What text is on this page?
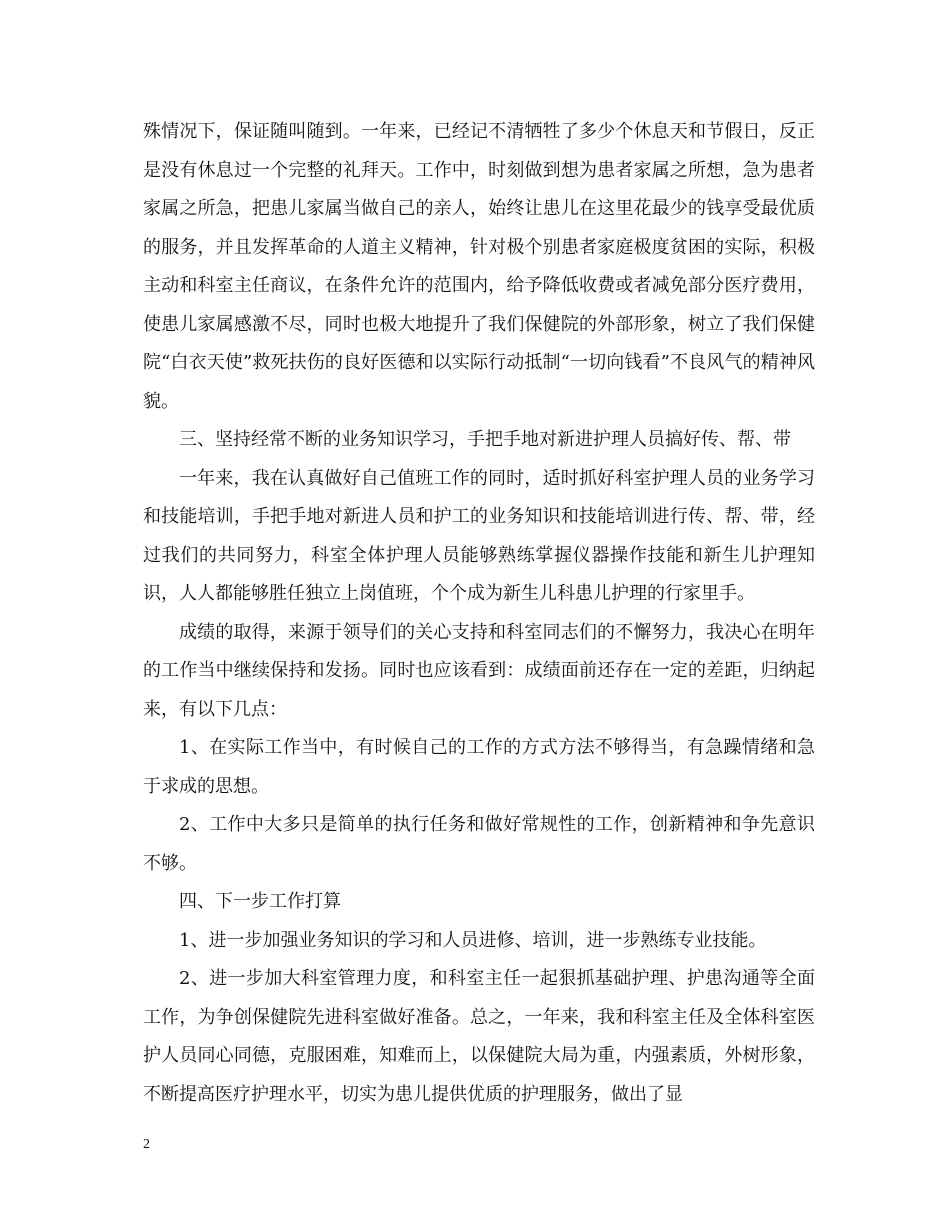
殊情况下，保证随叫随到。一年来，已经记不清牺牲了多少个休息天和节假日，反正是没有休息过一个完整的礼拜天。工作中，时刻做到想为患者家属之所想，急为患者家属之所急，把患儿家属当做自己的亲人，始终让患儿在这里花最少的钱享受最优质的服务，并且发挥革命的人道主义精神，针对极个别患者家庭极度贫困的实际，积极主动和科室主任商议，在条件允许的范围内，给予降低收费或者减免部分医疗费用，使患儿家属感激不尽，同时也极大地提升了我们保健院的外部形象，树立了我们保健院“白衣天使”救死扶伤的良好医德和以实际行动抵制“一切向钱看”不良风气的精神风貌。

三、坚持经常不断的业务知识学习，手把手地对新进护理人员搞好传、帮、带

一年来，我在认真做好自己值班工作的同时，适时抓好科室护理人员的业务学习和技能培训，手把手地对新进人员和护工的业务知识和技能培训进行传、帮、带，经过我们的共同努力，科室全体护理人员能够熟练掌握仪器操作技能和新生儿护理知识，人人都能够胜任独立上岗值班，个个成为新生儿科患儿护理的行家里手。

成绩的取得，来源于领导们的关心支持和科室同志们的不懈努力，我决心在明年的工作当中继续保持和发扬。同时也应该看到：成绩面前还存在一定的差距，归纳起来，有以下几点：

1、在实际工作当中，有时候自己的工作的方式方法不够得当，有急躁情绪和急于求成的思想。

2、工作中大多只是简单的执行任务和做好常规性的工作，创新精神和争先意识不够。

四、下一步工作打算

1、进一步加强业务知识的学习和人员进修、培训，进一步熟练专业技能。

2、进一步加大科室管理力度，和科室主任一起狠抓基础护理、护患沟通等全面工作，为争创保健院先进科室做好准备。总之，一年来，我和科室主任及全体科室医护人员同心同德，克服困难，知难而上，以保健院大局为重，内强素质，外树形象，不断提高医疗护理水平，切实为患儿提供优质的护理服务，做出了显

2
